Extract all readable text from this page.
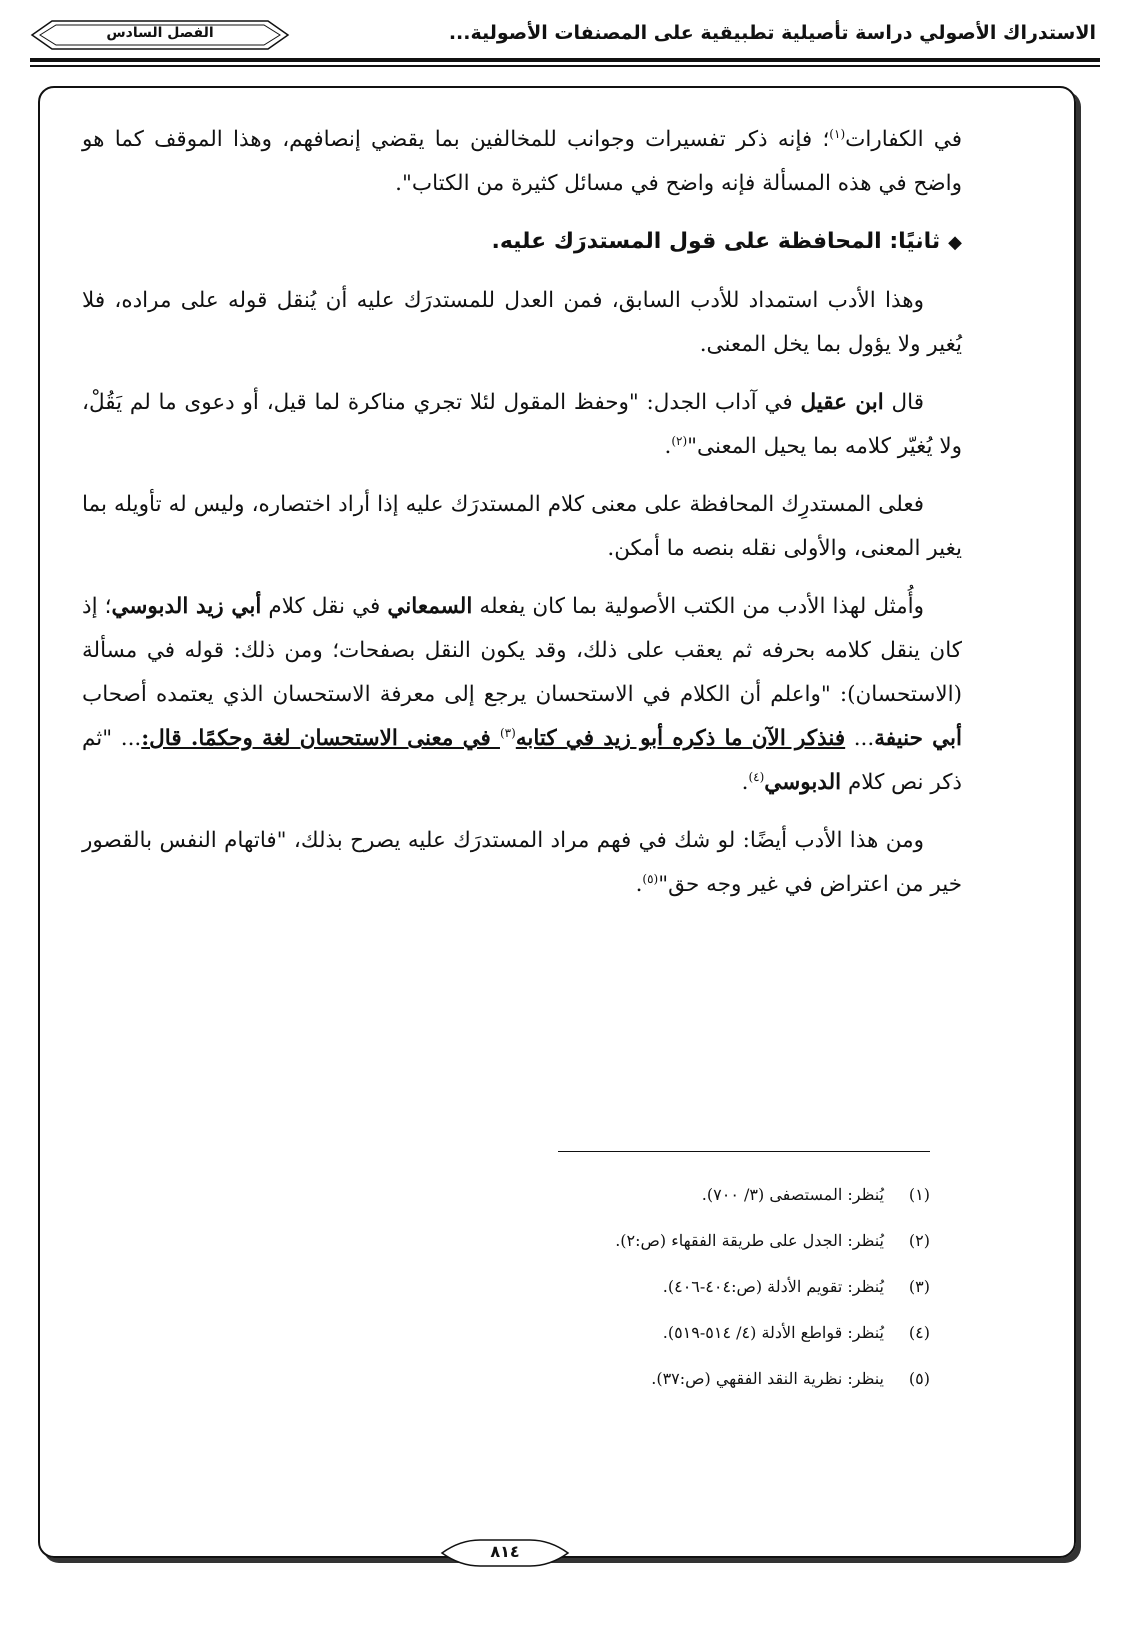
الاستدراك الأصولي دراسة تأصيلية تطبيقية على المصنفات الأصولية...
الفصل السادس

في الكفارات$^{(١)}$؛ فإنه ذكر تفسيرات وجوانب للمخالفين بما يقضي إنصافهم، وهذا الموقف كما هو واضح في هذه المسألة فإنه واضح في مسائل كثيرة من الكتاب".

◆ثانيًا: المحافظة على قول المستدرَك عليه.

وهذا الأدب استمداد للأدب السابق، فمن العدل للمستدرَك عليه أن يُنقل قوله على مراده، فلا يُغير ولا يؤول بما يخل المعنى.

قال ابن عقيل في آداب الجدل: "وحفظ المقول لئلا تجري مناكرة لما قيل، أو دعوى ما لم يَقُلْ، ولا يُغيّر كلامه بما يحيل المعنى"$^{(٢)}$.

فعلى المستدرِك المحافظة على معنى كلام المستدرَك عليه إذا أراد اختصاره، وليس له تأويله بما يغير المعنى، والأولى نقله بنصه ما أمكن.

وأُمثل لهذا الأدب من الكتب الأصولية بما كان يفعله السمعاني في نقل كلام أبي زيد الدبوسي؛ إذ كان ينقل كلامه بحرفه ثم يعقب على ذلك، وقد يكون النقل بصفحات؛ ومن ذلك: قوله في مسألة (الاستحسان): "واعلم أن الكلام في الاستحسان يرجع إلى معرفة الاستحسان الذي يعتمده أصحاب أبي حنيفة... فنذكر الآن ما ذكره أبو زيد في كتابه$^{(٣)}$ في معنى الاستحسان لغة وحكمًا. قال:... "ثم ذكر نص كلام الدبوسي$^{(٤)}$.

ومن هذا الأدب أيضًا: لو شك في فهم مراد المستدرَك عليه يصرح بذلك، "فاتهام النفس بالقصور خير من اعتراض في غير وجه حق"$^{(٥)}$.

(١)يُنظر: المستصفى (٣/ ٧٠٠).
(٢)يُنظر: الجدل على طريقة الفقهاء (ص:٢).
(٣)يُنظر: تقويم الأدلة (ص:٤٠٤-٤٠٦).
(٤)يُنظر: قواطع الأدلة (٤/ ٥١٤-٥١٩).
(٥)ينظر: نظرية النقد الفقهي (ص:٣٧).
٨١٤
